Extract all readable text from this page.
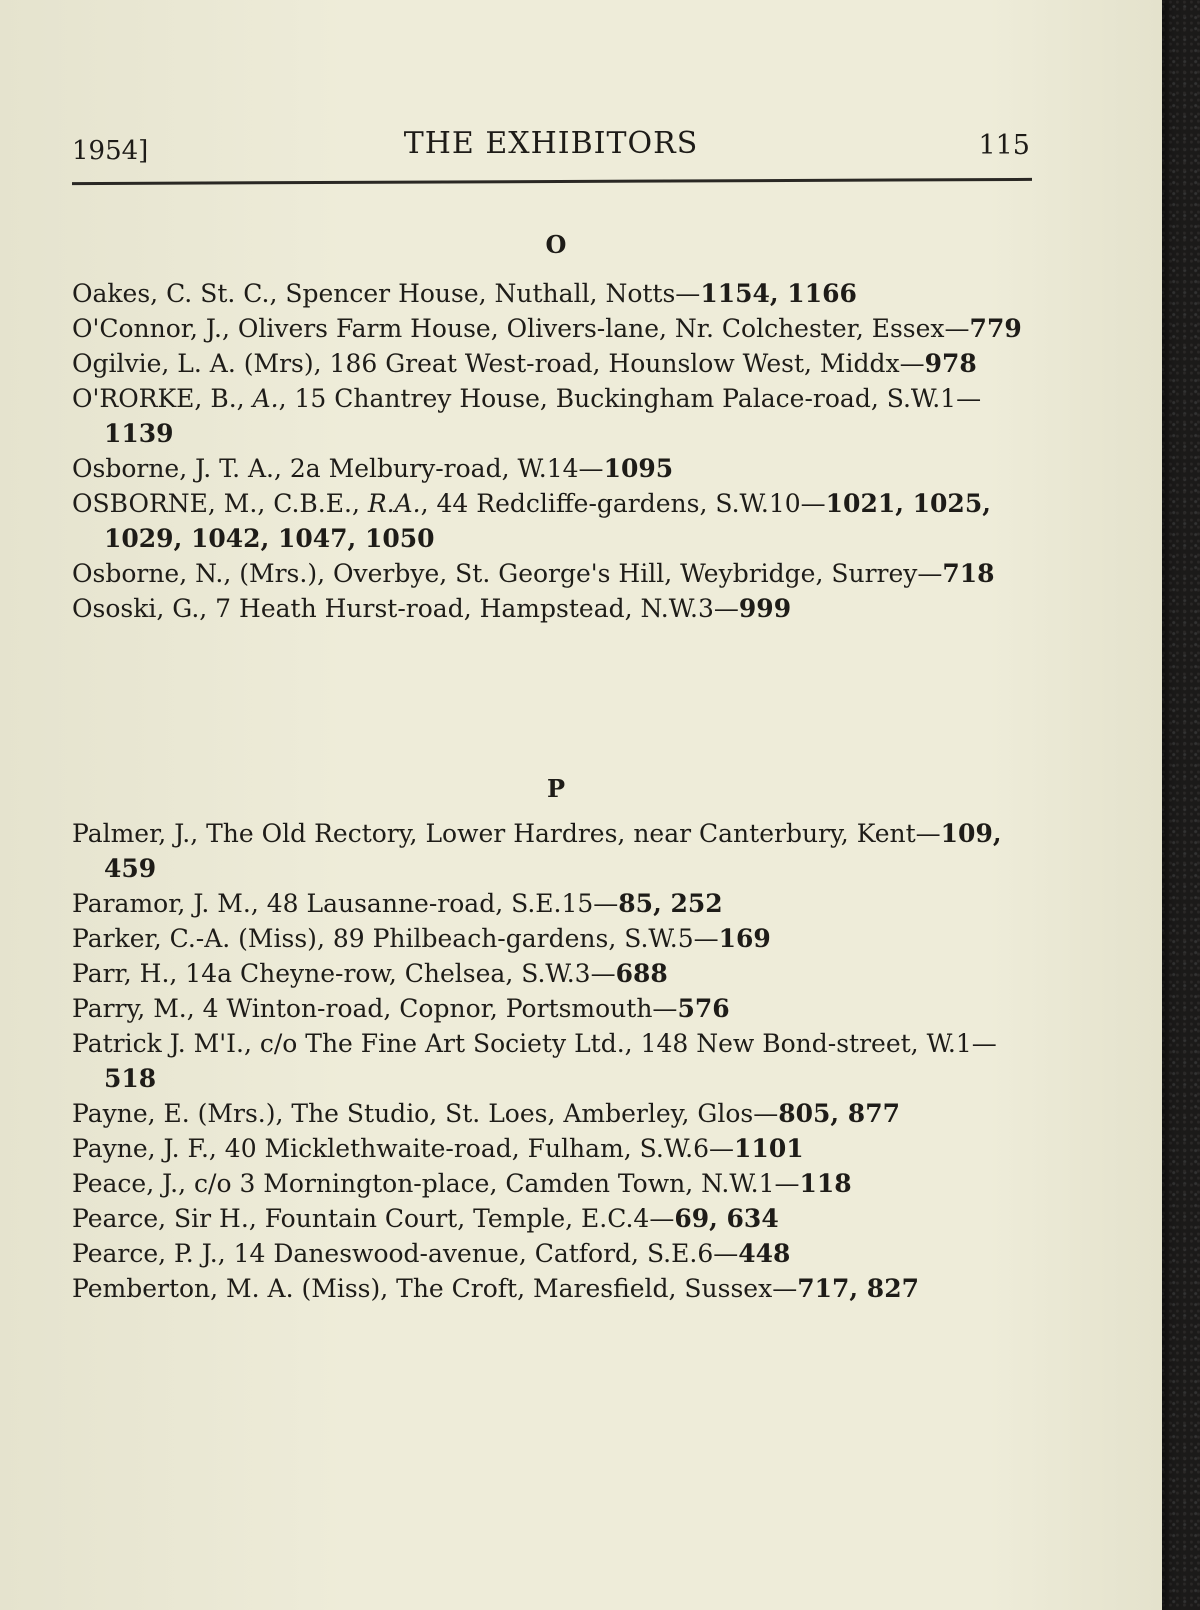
1954]	THE EXHIBITORS	115
O

Oakes, C. St. C., Spencer House, Nuthall, Notts—1154, 1166

O'Connor, J., Olivers Farm House, Olivers-lane, Nr. Colchester, Essex—779

Ogilvie, L. A. (Mrs), 186 Great West-road, Hounslow West, Middx—978

O'RORKE, B., A., 15 Chantrey House, Buckingham Palace-road, S.W.1—1139

Osborne, J. T. A., 2a Melbury-road, W.14—1095

OSBORNE, M., C.B.E., R.A., 44 Redcliffe-gardens, S.W.10—1021, 1025, 1029, 1042, 1047, 1050

Osborne, N., (Mrs.), Overbye, St. George's Hill, Weybridge, Surrey—718

Ososki, G., 7 Heath Hurst-road, Hampstead, N.W.3—999

P

Palmer, J., The Old Rectory, Lower Hardres, near Canterbury, Kent—109, 459

Paramor, J. M., 48 Lausanne-road, S.E.15—85, 252

Parker, C.-A. (Miss), 89 Philbeach-gardens, S.W.5—169

Parr, H., 14a Cheyne-row, Chelsea, S.W.3—688

Parry, M., 4 Winton-road, Copnor, Portsmouth—576

Patrick J. M'I., c/o The Fine Art Society Ltd., 148 New Bond-street, W.1—518

Payne, E. (Mrs.), The Studio, St. Loes, Amberley, Glos—805, 877

Payne, J. F., 40 Micklethwaite-road, Fulham, S.W.6—1101

Peace, J., c/o 3 Mornington-place, Camden Town, N.W.1—118

Pearce, Sir H., Fountain Court, Temple, E.C.4—69, 634

Pearce, P. J., 14 Daneswood-avenue, Catford, S.E.6—448

Pemberton, M. A. (Miss), The Croft, Maresfield, Sussex—717, 827
